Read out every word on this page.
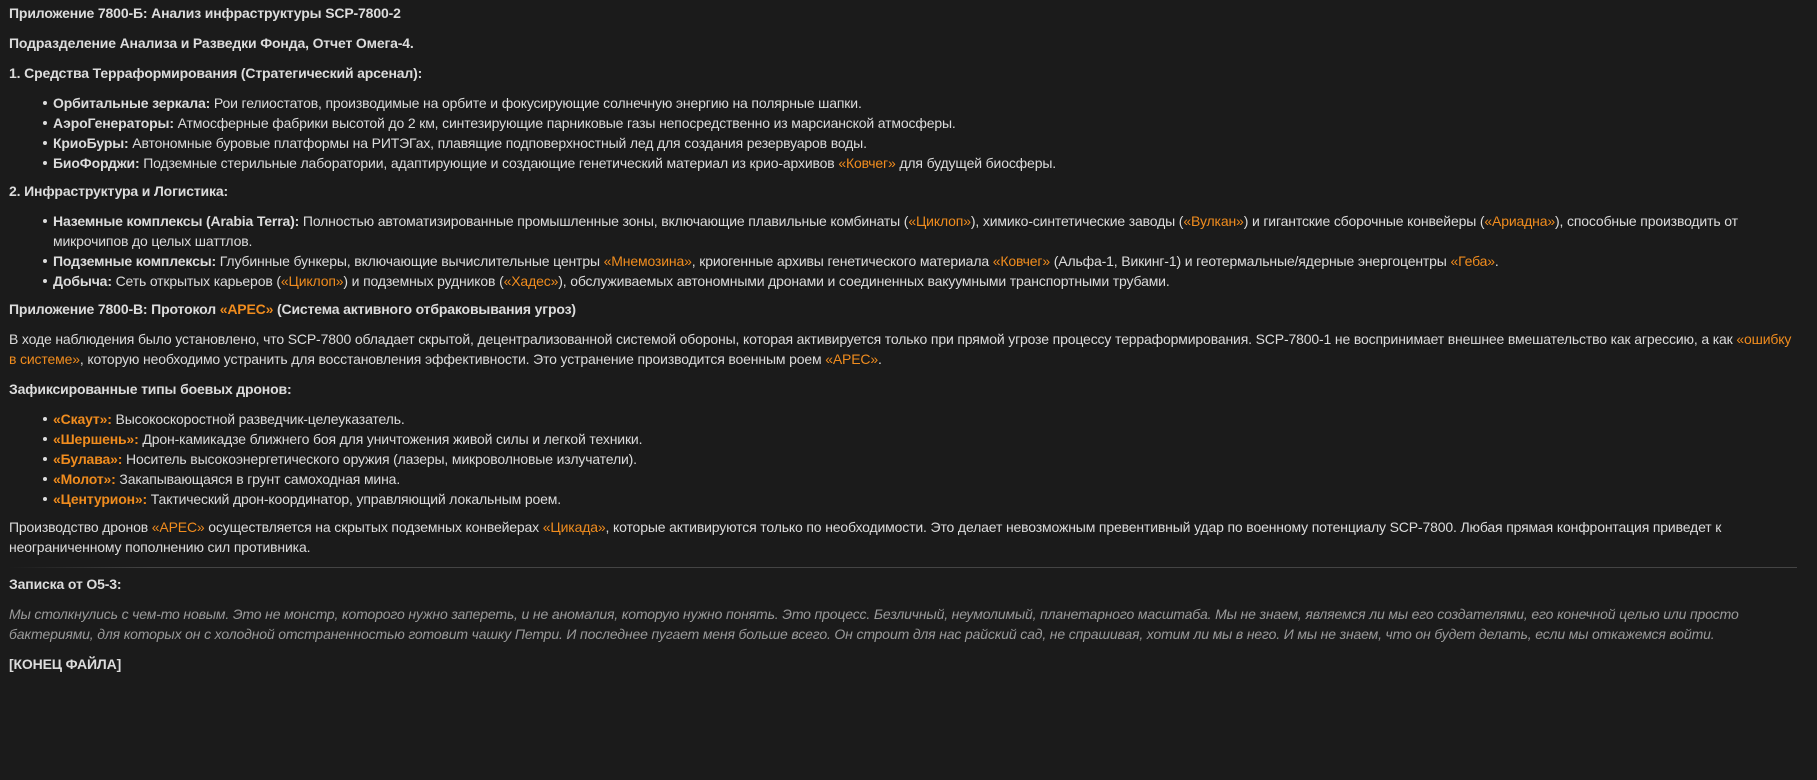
Приложение 7800-Б: Анализ инфраструктуры SCP-7800-2

Подразделение Анализа и Разведки Фонда, Отчет Омега-4.

1. Средства Терраформирования (Стратегический арсенал):

Орбитальные зеркала: Рои гелиостатов, производимые на орбите и фокусирующие солнечную энергию на полярные шапки.
АэроГенераторы: Атмосферные фабрики высотой до 2 км, синтезирующие парниковые газы непосредственно из марсианской атмосферы.
КриоБуры: Автономные буровые платформы на РИТЭГах, плавящие подповерхностный лед для создания резервуаров воды.
БиоФорджи: Подземные стерильные лаборатории, адаптирующие и создающие генетический материал из крио-архивов «Ковчег» для будущей биосферы.

2. Инфраструктура и Логистика:

Наземные комплексы (Arabia Terra): Полностью автоматизированные промышленные зоны, включающие плавильные комбинаты («Циклоп»), химико-синтетические заводы («Вулкан») и гигантские сборочные конвейеры («Ариадна»), способные производить от микрочипов до целых шаттлов.
Подземные комплексы: Глубинные бункеры, включающие вычислительные центры «Мнемозина», криогенные архивы генетического материала «Ковчег» (Альфа-1, Викинг-1) и геотермальные/ядерные энергоцентры «Геба».
Добыча: Сеть открытых карьеров («Циклоп») и подземных рудников («Хадес»), обслуживаемых автономными дронами и соединенных вакуумными транспортными трубами.

Приложение 7800-В: Протокол «АРЕС» (Система активного отбраковывания угроз)

В ходе наблюдения было установлено, что SCP-7800 обладает скрытой, децентрализованной системой обороны, которая активируется только при прямой угрозе процессу терраформирования. SCP-7800-1 не воспринимает внешнее вмешательство как агрессию, а как «ошибку в системе», которую необходимо устранить для восстановления эффективности. Это устранение производится военным роем «АРЕС».

Зафиксированные типы боевых дронов:

«Скаут»: Высокоскоростной разведчик-целеуказатель.
«Шершень»: Дрон-камикадзе ближнего боя для уничтожения живой силы и легкой техники.
«Булава»: Носитель высокоэнергетического оружия (лазеры, микроволновые излучатели).
«Молот»: Закапывающаяся в грунт самоходная мина.
«Центурион»: Тактический дрон-координатор, управляющий локальным роем.

Производство дронов «АРЕС» осуществляется на скрытых подземных конвейерах «Цикада», которые активируются только по необходимости. Это делает невозможным превентивный удар по военному потенциалу SCP-7800. Любая прямая конфронтация приведет к неограниченному пополнению сил противника.

Записка от О5-3:

Мы столкнулись с чем-то новым. Это не монстр, которого нужно запереть, и не аномалия, которую нужно понять. Это процесс. Безличный, неумолимый, планетарного масштаба. Мы не знаем, являемся ли мы его создателями, его конечной целью или просто бактериями, для которых он с холодной отстраненностью готовит чашку Петри. И последнее пугает меня больше всего. Он строит для нас райский сад, не спрашивая, хотим ли мы в него. И мы не знаем, что он будет делать, если мы откажемся войти.

[КОНЕЦ ФАЙЛА]
